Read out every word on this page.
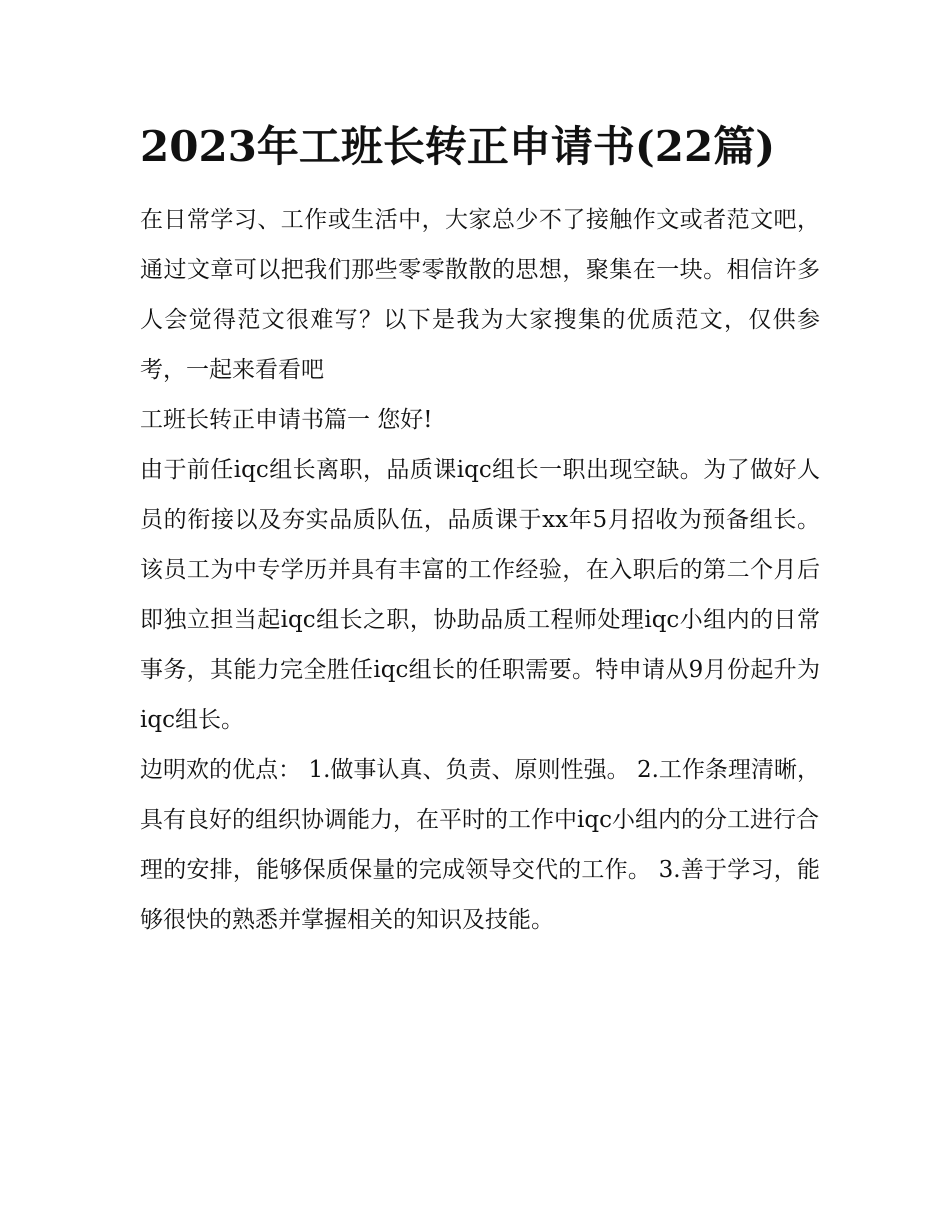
2023年工班长转正申请书(22篇)

在日常学习、工作或生活中，大家总少不了接触作文或者范文吧，通过文章可以把我们那些零零散散的思想，聚集在一块。相信许多人会觉得范文很难写？以下是我为大家搜集的优质范文，仅供参考，一起来看看吧

工班长转正申请书篇一 您好!

由于前任iqc组长离职，品质课iqc组长一职出现空缺。为了做好人员的衔接以及夯实品质队伍，品质课于xx年5月招收为预备组长。该员工为中专学历并具有丰富的工作经验，在入职后的第二个月后即独立担当起iqc组长之职，协助品质工程师处理iqc小组内的日常事务，其能力完全胜任iqc组长的任职需要。特申请从9月份起升为iqc组长。

边明欢的优点： 1.做事认真、负责、原则性强。 2.工作条理清晰，具有良好的组织协调能力，在平时的工作中iqc小组内的分工进行合

理的安排，能够保质保量的完成领导交代的工作。 3.善于学习，能够很快的熟悉并掌握相关的知识及技能。
